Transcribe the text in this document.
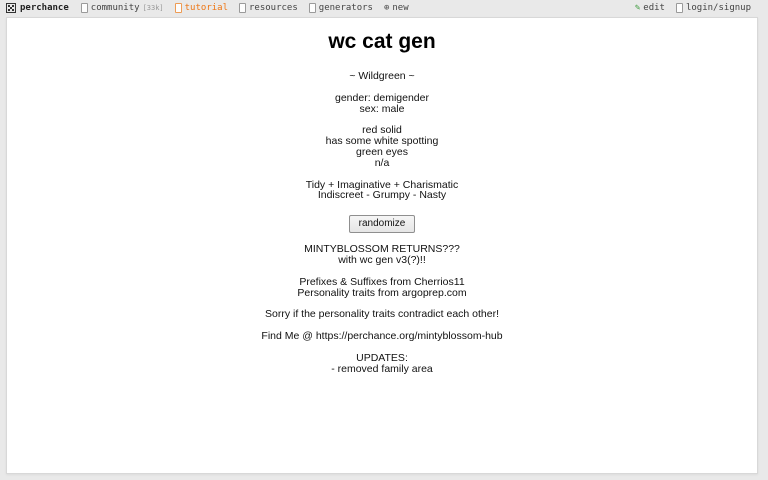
perchance community [33k] tutorial resources generators ⊕ new	✎ edit login/signup
wc cat gen
~ Wildgreen ~
gender: demigender
sex: male
red solid
has some white spotting
green eyes
n/a
Tidy + Imaginative + Charismatic
Indiscreet - Grumpy - Nasty
randomize
MINTYBLOSSOM RETURNS???
with wc gen v3(?)!!
Prefixes & Suffixes from Cherrios11
Personality traits from argoprep.com
Sorry if the personality traits contradict each other!
Find Me @ https://perchance.org/mintyblossom-hub
UPDATES:
- removed family area
